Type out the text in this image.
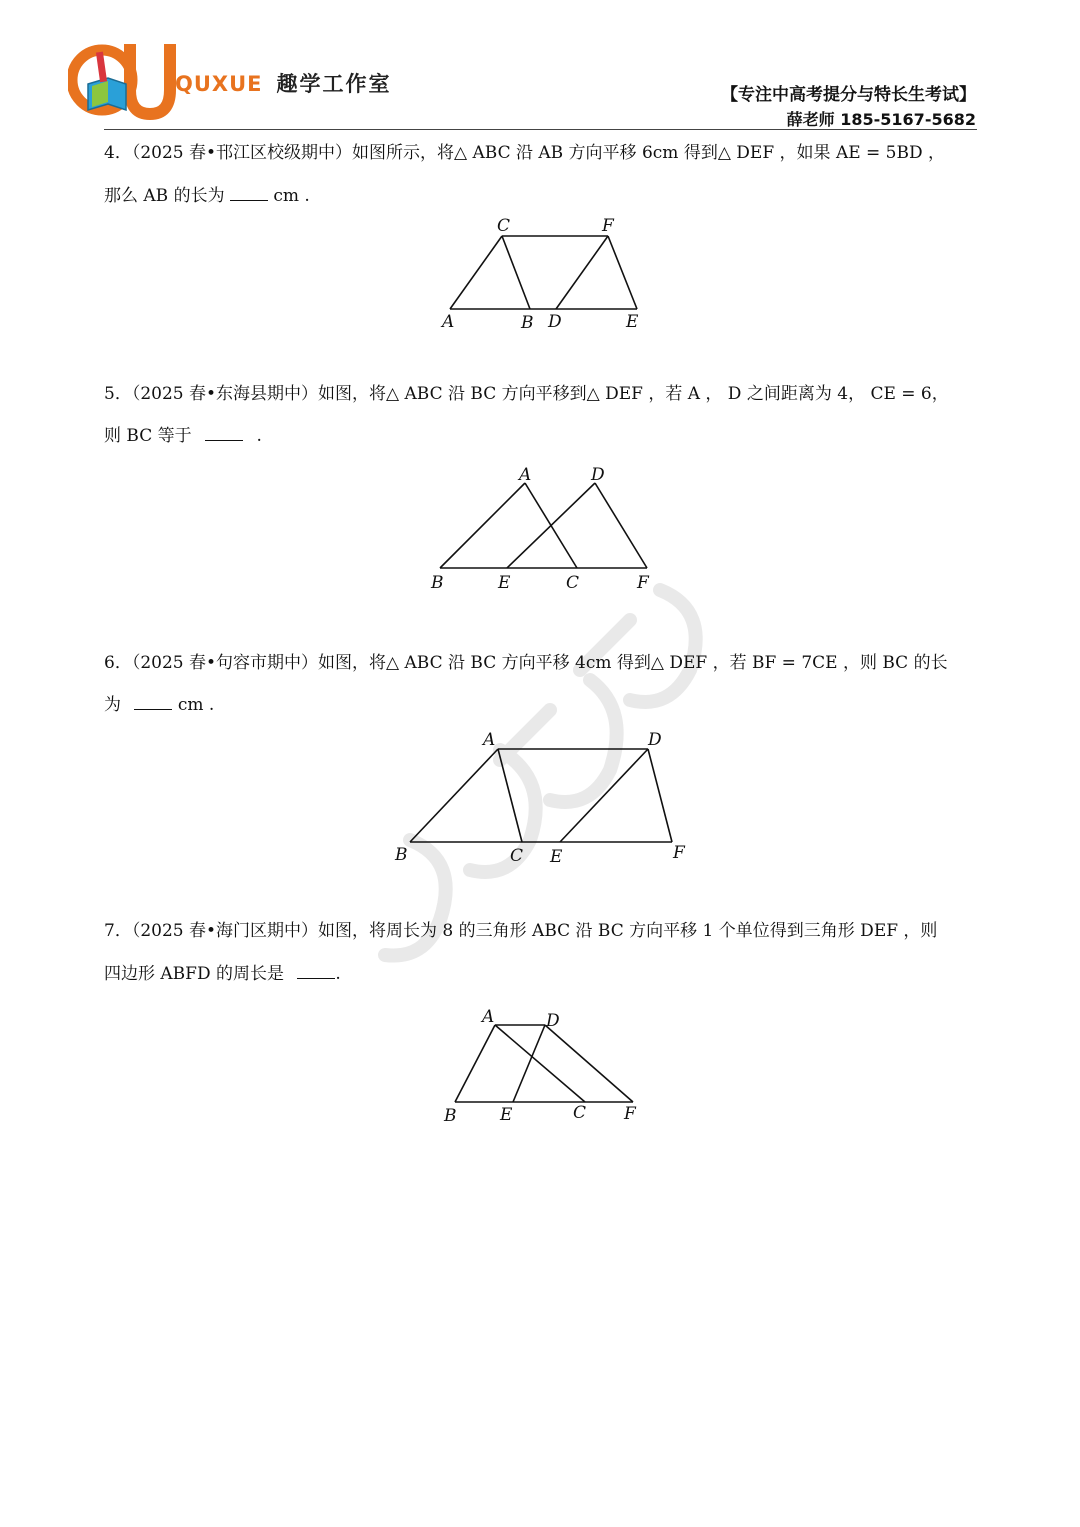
QUXUE 趣学工作室	【专注中高考提分与特长生考试】
薛老师 185-5167-5682
4．（2025 春•邗江区校级期中）如图所示，将△ ABC 沿 AB 方向平移 6cm 得到△ DEF ，如果 AE = 5BD ，
那么 AB 的长为	cm .
C	F
A	B D	E
5．（2025 春•东海县期中）如图，将△ ABC 沿 BC 方向平移到△ DEF ，若 A ， D 之间距离为 4， CE = 6，
则 BC 等于	.
A	D
B	E	C	F
6．（2025 春•句容市期中）如图，将△ ABC 沿 BC 方向平移 4cm 得到△ DEF ，若 BF = 7CE ，则 BC 的长
为	cm .
A	D
B	C E	F
7．（2025 春•海门区期中）如图，将周长为 8 的三角形 ABC 沿 BC 方向平移 1 个单位得到三角形 DEF ，则
四边形 ABFD 的周长是	.
A	D
B	E	C F
